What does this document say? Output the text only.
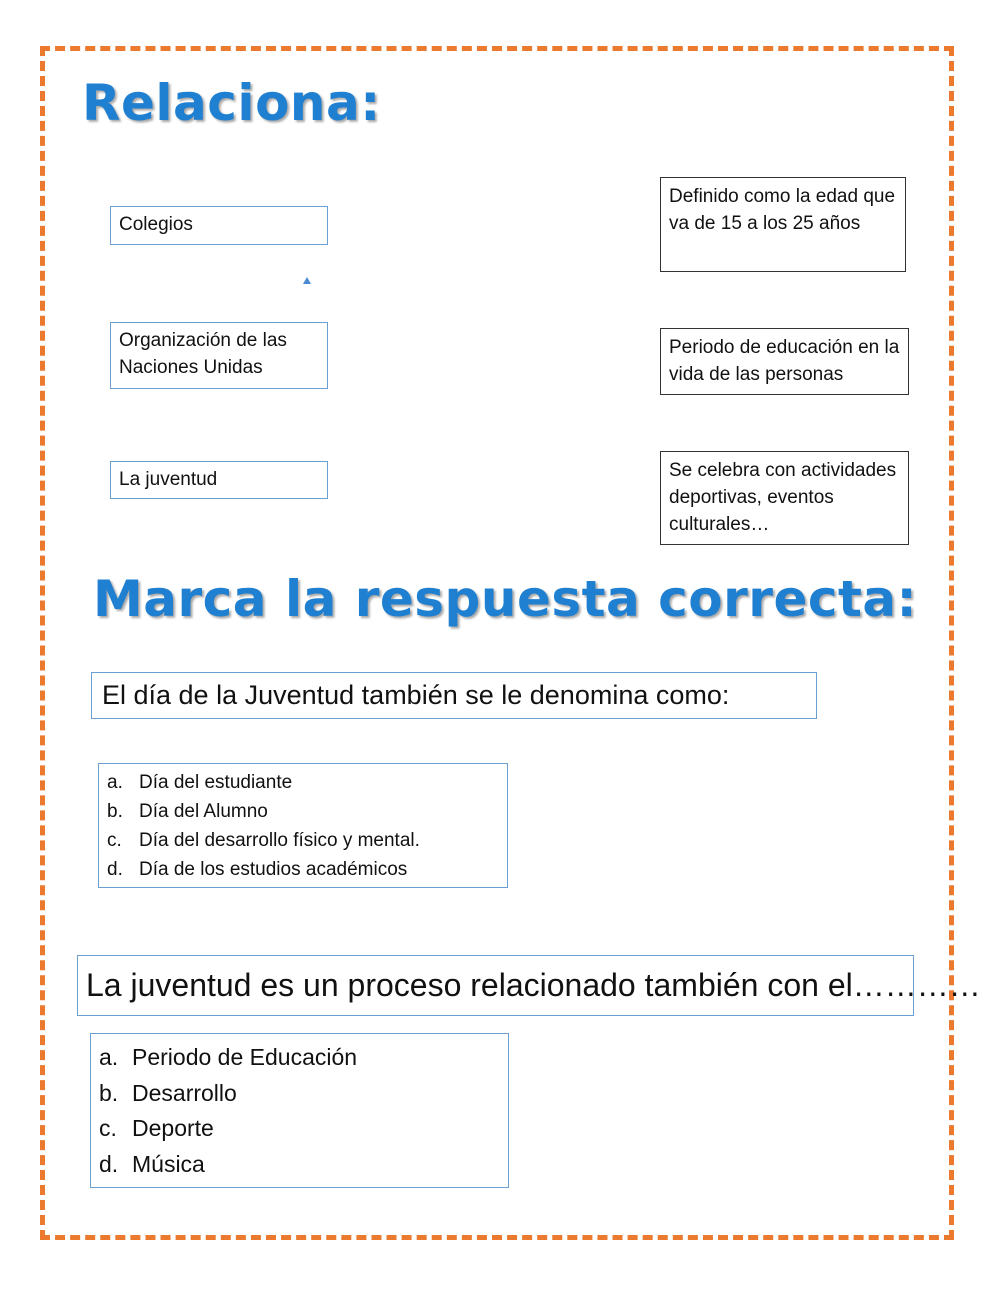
Relaciona:
Colegios
Organización de las Naciones Unidas
La juventud
Definido como la edad que va de 15 a los 25 años
Periodo de educación en la vida de las personas
Se celebra con actividades deportivas, eventos culturales…
Marca la respuesta correcta:
El día de la Juventud también se le denomina como:
a. Día del estudiante
b. Día del Alumno
c. Día del desarrollo físico y mental.
d. Día de los estudios académicos
La juventud es un proceso relacionado también con el…………
a. Periodo de Educación
b. Desarrollo
c. Deporte
d. Música
